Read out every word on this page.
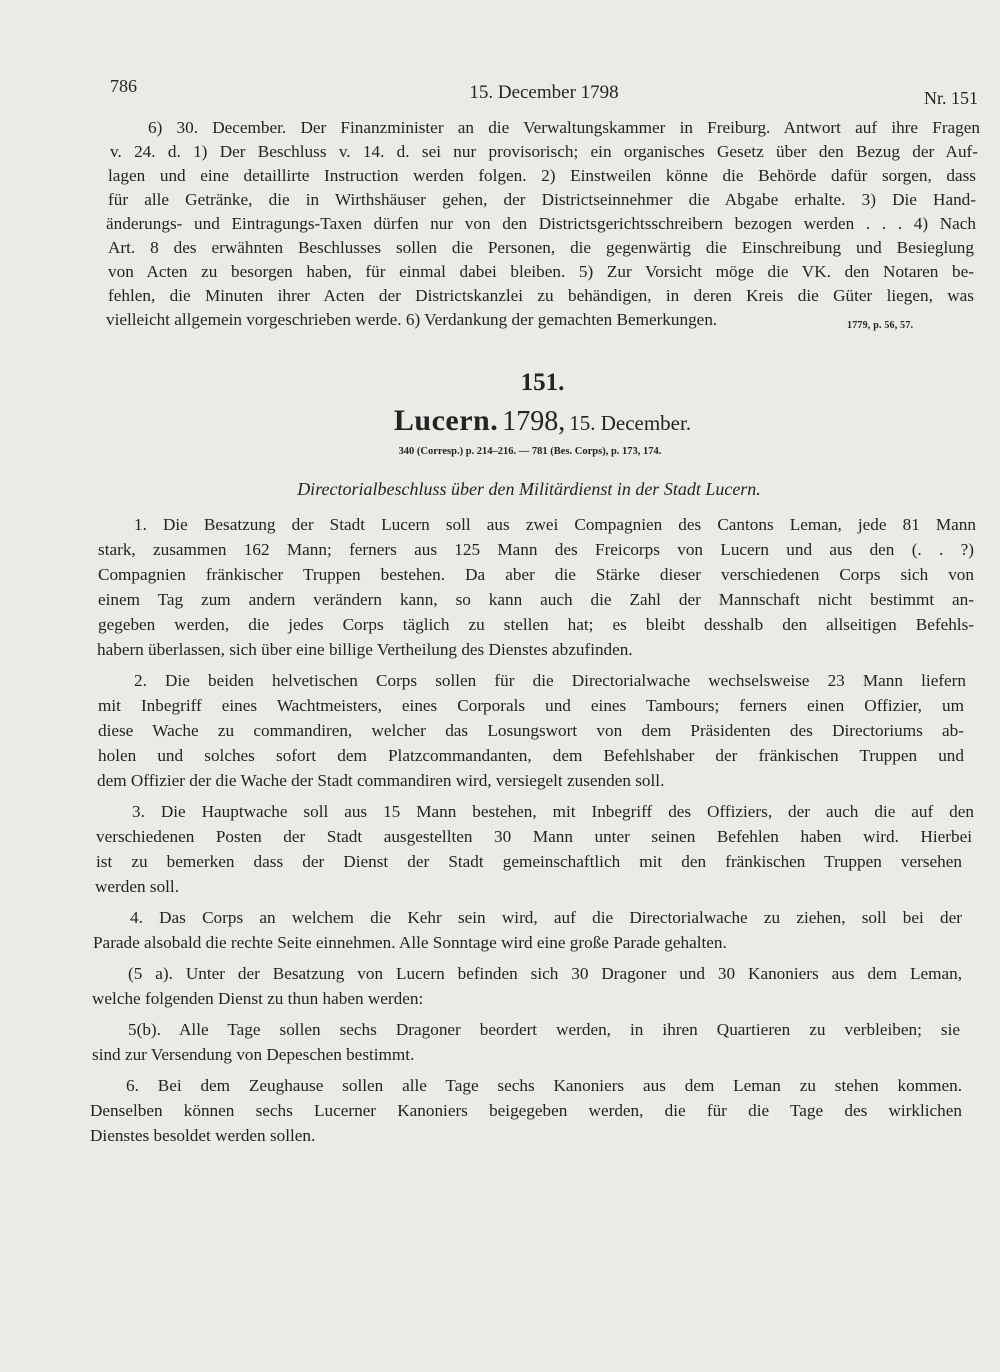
786	15. December 1798	Nr. 151
6) 30. December. Der Finanzminister an die Verwaltungskammer in Freiburg. Antwort auf ihre Fragen
v. 24. d. 1) Der Beschluss v. 14. d. sei nur provisorisch; ein organisches Gesetz über den Bezug der Auf-
lagen und eine detaillirte Instruction werden folgen. 2) Einstweilen könne die Behörde dafür sorgen, dass
für alle Getränke, die in Wirthshäuser gehen, der Districtseinnehmer die Abgabe erhalte. 3) Die Hand-
änderungs- und Eintragungs-Taxen dürfen nur von den Districtsgerichtsschreibern bezogen werden . . . 4) Nach
Art. 8 des erwähnten Beschlusses sollen die Personen, die gegenwärtig die Einschreibung und Besieglung
von Acten zu besorgen haben, für einmal dabei bleiben. 5) Zur Vorsicht möge die VK. den Notaren be-
fehlen, die Minuten ihrer Acten der Districtskanzlei zu behändigen, in deren Kreis die Güter liegen, was
vielleicht allgemein vorgeschrieben werde. 6) Verdankung der gemachten Bemerkungen.	1779, p. 56, 57.
151.
Lucern. 1798, 15. December.
340 (Corresp.) p. 214–216. — 781 (Bes. Corps), p. 173, 174.
Directorialbeschluss über den Militärdienst in der Stadt Lucern.
1. Die Besatzung der Stadt Lucern soll aus zwei Compagnien des Cantons Leman, jede 81 Mann
stark, zusammen 162 Mann; ferners aus 125 Mann des Freicorps von Lucern und aus den (. . ?)
Compagnien fränkischer Truppen bestehen. Da aber die Stärke dieser verschiedenen Corps sich von
einem Tag zum andern verändern kann, so kann auch die Zahl der Mannschaft nicht bestimmt an-
gegeben werden, die jedes Corps täglich zu stellen hat; es bleibt desshalb den allseitigen Befehls-
habern überlassen, sich über eine billige Vertheilung des Dienstes abzufinden.
2. Die beiden helvetischen Corps sollen für die Directorialwache wechselsweise 23 Mann liefern
mit Inbegriff eines Wachtmeisters, eines Corporals und eines Tambours; ferners einen Offizier, um
diese Wache zu commandiren, welcher das Losungswort von dem Präsidenten des Directoriums ab-
holen und solches sofort dem Platzcommandanten, dem Befehlshaber der fränkischen Truppen und
dem Offizier der die Wache der Stadt commandiren wird, versiegelt zusenden soll.
3. Die Hauptwache soll aus 15 Mann bestehen, mit Inbegriff des Offiziers, der auch die auf den
verschiedenen Posten der Stadt ausgestellten 30 Mann unter seinen Befehlen haben wird. Hierbei
ist zu bemerken dass der Dienst der Stadt gemeinschaftlich mit den fränkischen Truppen versehen
werden soll.
4. Das Corps an welchem die Kehr sein wird, auf die Directorialwache zu ziehen, soll bei der
Parade alsobald die rechte Seite einnehmen. Alle Sonntage wird eine große Parade gehalten.
(5 a). Unter der Besatzung von Lucern befinden sich 30 Dragoner und 30 Kanoniers aus dem Leman,
welche folgenden Dienst zu thun haben werden:
5(b). Alle Tage sollen sechs Dragoner beordert werden, in ihren Quartieren zu verbleiben; sie
sind zur Versendung von Depeschen bestimmt.
6. Bei dem Zeughause sollen alle Tage sechs Kanoniers aus dem Leman zu stehen kommen.
Denselben können sechs Lucerner Kanoniers beigegeben werden, die für die Tage des wirklichen
Dienstes besoldet werden sollen.
